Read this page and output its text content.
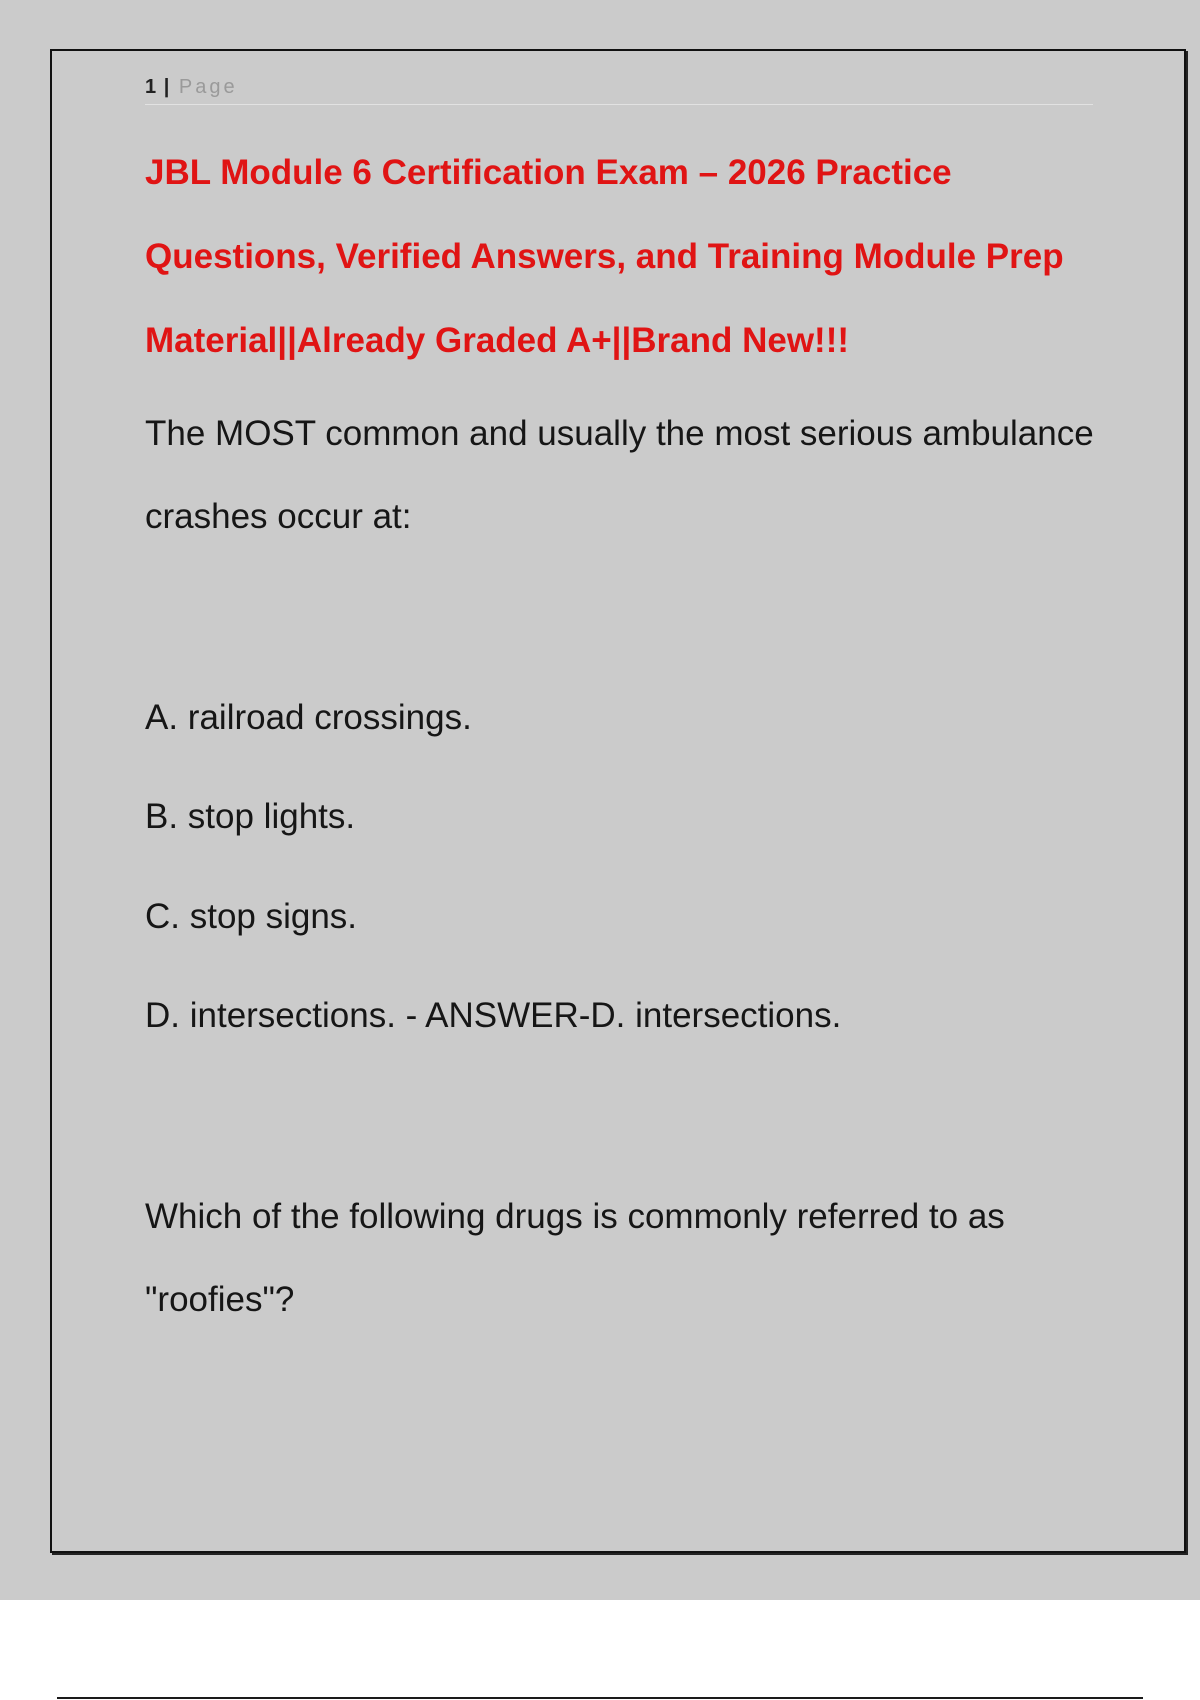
1 | Page
JBL Module 6 Certification Exam – 2026 Practice Questions, Verified Answers, and Training Module Prep Material||Already Graded A+||Brand New!!!

The MOST common and usually the most serious ambulance crashes occur at:

A. railroad crossings.

B. stop lights.

C. stop signs.

D. intersections. - ANSWER-D. intersections.

Which of the following drugs is commonly referred to as "roofies"?
